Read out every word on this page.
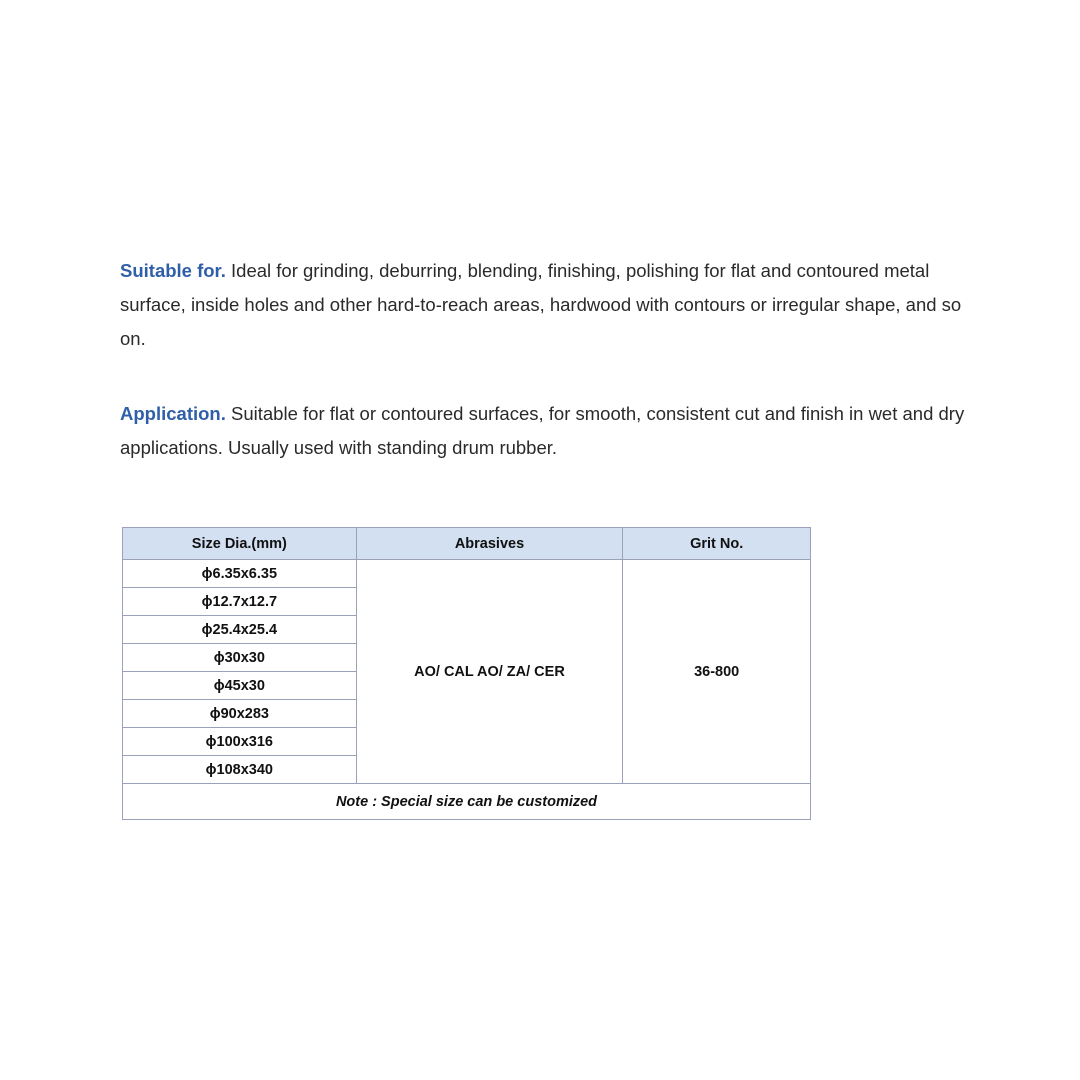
Suitable for. Ideal for grinding, deburring, blending, finishing, polishing for flat and contoured metal surface, inside holes and other hard-to-reach areas, hardwood with contours or irregular shape, and so on.

Application. Suitable for flat or contoured surfaces, for smooth, consistent cut and finish in wet and dry applications. Usually used with standing drum rubber.

Size Dia.(mm)	Abrasives	Grit No.
ϕ6.35x6.35	AO/ CAL AO/ ZA/ CER	36-800
ϕ12.7x12.7		
ϕ25.4x25.4		
ϕ30x30		
ϕ45x30		
ϕ90x283		
ϕ100x316		
ϕ108x340		
Note : Special size can be customized		
